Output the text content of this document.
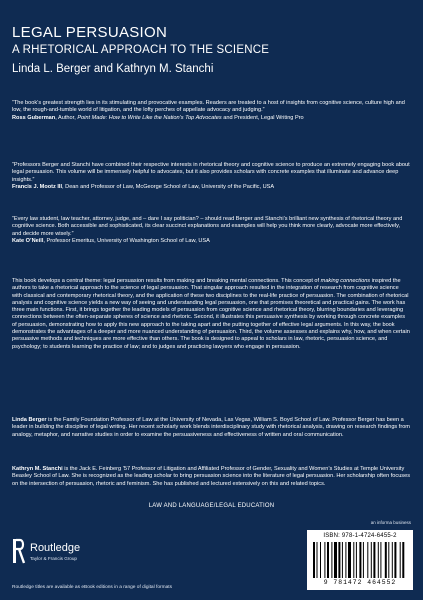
LEGAL PERSUASION
A RHETORICAL APPROACH TO THE SCIENCE
Linda L. Berger and Kathryn M. Stanchi

“The book’s greatest strength lies in its stimulating and provocative examples. Readers are treated to a host of insights from cognitive science, culture high and low, the rough-and-tumble world of litigation, and the lofty perches of appellate advocacy and judging.”

Ross Guberman, Author, Point Made: How to Write Like the Nation’s Top Advocates and President, Legal Writing Pro

“Professors Berger and Stanchi have combined their respective interests in rhetorical theory and cognitive science to produce an extremely engaging book about legal persuasion. This volume will be immensely helpful to advocates, but it also provides scholars with concrete examples that illuminate and advance deep insights.”

Francis J. Mootz III, Dean and Professor of Law, McGeorge School of Law, University of the Pacific, USA

“Every law student, law teacher, attorney, judge, and – dare I say politician? – should read Berger and Stanchi’s brilliant new synthesis of rhetorical theory and cognitive science. Both accessible and sophisticated, its clear succinct explanations and examples will help you think more clearly, advocate more effectively, and decide more wisely.”

Kate O’Neill, Professor Emeritus, University of Washington School of Law, USA

This book develops a central theme: legal persuasion results from making and breaking mental connections. This concept of making connections inspired the authors to take a rhetorical approach to the science of legal persuasion. That singular approach resulted in the integration of research from cognitive science with classical and contemporary rhetorical theory, and the application of these two disciplines to the real-life practice of persuasion. The combination of rhetorical analysis and cognitive science yields a new way of seeing and understanding legal persuasion, one that promises theoretical and practical gains. The work has three main functions. First, it brings together the leading models of persuasion from cognitive science and rhetorical theory, blurring boundaries and leveraging connections between the often-separate spheres of science and rhetoric. Second, it illustrates this persuasive synthesis by working through concrete examples of persuasion, demonstrating how to apply this new approach to the taking apart and the putting together of effective legal arguments. In this way, the book demonstrates the advantages of a deeper and more nuanced understanding of persuasion. Third, the volume assesses and explains why, how, and when certain persuasive methods and techniques are more effective than others. The book is designed to appeal to scholars in law, rhetoric, persuasion science, and psychology; to students learning the practice of law; and to judges and practicing lawyers who engage in persuasion.

Linda Berger is the Family Foundation Professor of Law at the University of Nevada, Las Vegas, William S. Boyd School of Law. Professor Berger has been a leader in building the discipline of legal writing. Her recent scholarly work blends interdisciplinary study with rhetorical analysis, drawing on research findings from analogy, metaphor, and narrative studies in order to examine the persuasiveness and effectiveness of written and oral communication.

Kathryn M. Stanchi is the Jack E. Feinberg ’57 Professor of Litigation and Affiliated Professor of Gender, Sexuality and Women’s Studies at Temple University Beasley School of Law. She is recognized as the leading scholar to bring persuasion science into the literature of legal persuasion. Her scholarship often focuses on the intersection of persuasion, rhetoric and feminism. She has published and lectured extensively on this and related topics.

LAW AND LANGUAGE/LEGAL EDUCATION
an informa business
Routledge
Taylor & Francis Group
ISBN: 978-1-4724-6455-2
9 781472 464552
Routledge titles are available as eBook editions in a range of digital formats
